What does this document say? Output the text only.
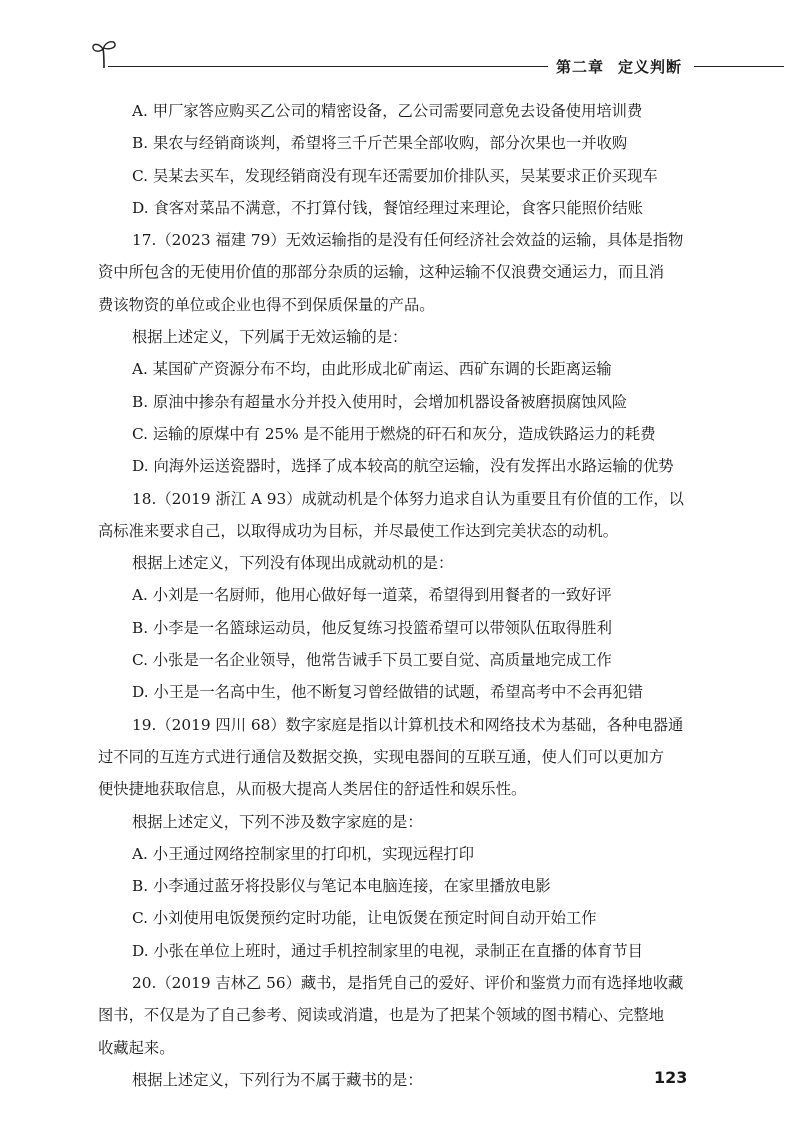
第二章 定义判断
A. 甲厂家答应购买乙公司的精密设备，乙公司需要同意免去设备使用培训费
B. 果农与经销商谈判，希望将三千斤芒果全部收购，部分次果也一并收购
C. 吴某去买车，发现经销商没有现车还需要加价排队买，吴某要求正价买现车
D. 食客对菜品不满意，不打算付钱，餐馆经理过来理论，食客只能照价结账
17.（2023 福建 79）无效运输指的是没有任何经济社会效益的运输，具体是指物
资中所包含的无使用价值的那部分杂质的运输，这种运输不仅浪费交通运力，而且消
费该物资的单位或企业也得不到保质保量的产品。
根据上述定义，下列属于无效运输的是：
A. 某国矿产资源分布不均，由此形成北矿南运、西矿东调的长距离运输
B. 原油中掺杂有超量水分并投入使用时，会增加机器设备被磨损腐蚀风险
C. 运输的原煤中有 25% 是不能用于燃烧的矸石和灰分，造成铁路运力的耗费
D. 向海外运送瓷器时，选择了成本较高的航空运输，没有发挥出水路运输的优势
18.（2019 浙江 A 93）成就动机是个体努力追求自认为重要且有价值的工作，以
高标准来要求自己，以取得成功为目标，并尽最使工作达到完美状态的动机。
根据上述定义，下列没有体现出成就动机的是：
A. 小刘是一名厨师，他用心做好每一道菜，希望得到用餐者的一致好评
B. 小李是一名篮球运动员，他反复练习投篮希望可以带领队伍取得胜利
C. 小张是一名企业领导，他常告诫手下员工要自觉、高质量地完成工作
D. 小王是一名高中生，他不断复习曾经做错的试题，希望高考中不会再犯错
19.（2019 四川 68）数字家庭是指以计算机技术和网络技术为基础，各种电器通
过不同的互连方式进行通信及数据交换，实现电器间的互联互通，使人们可以更加方
便快捷地获取信息，从而极大提高人类居住的舒适性和娱乐性。
根据上述定义，下列不涉及数字家庭的是：
A. 小王通过网络控制家里的打印机，实现远程打印
B. 小李通过蓝牙将投影仪与笔记本电脑连接，在家里播放电影
C. 小刘使用电饭煲预约定时功能，让电饭煲在预定时间自动开始工作
D. 小张在单位上班时，通过手机控制家里的电视，录制正在直播的体育节目
20.（2019 吉林乙 56）藏书，是指凭自己的爱好、评价和鉴赏力而有选择地收藏
图书，不仅是为了自己参考、阅读或消遣，也是为了把某个领域的图书精心、完整地
收藏起来。
根据上述定义，下列行为不属于藏书的是：	123
